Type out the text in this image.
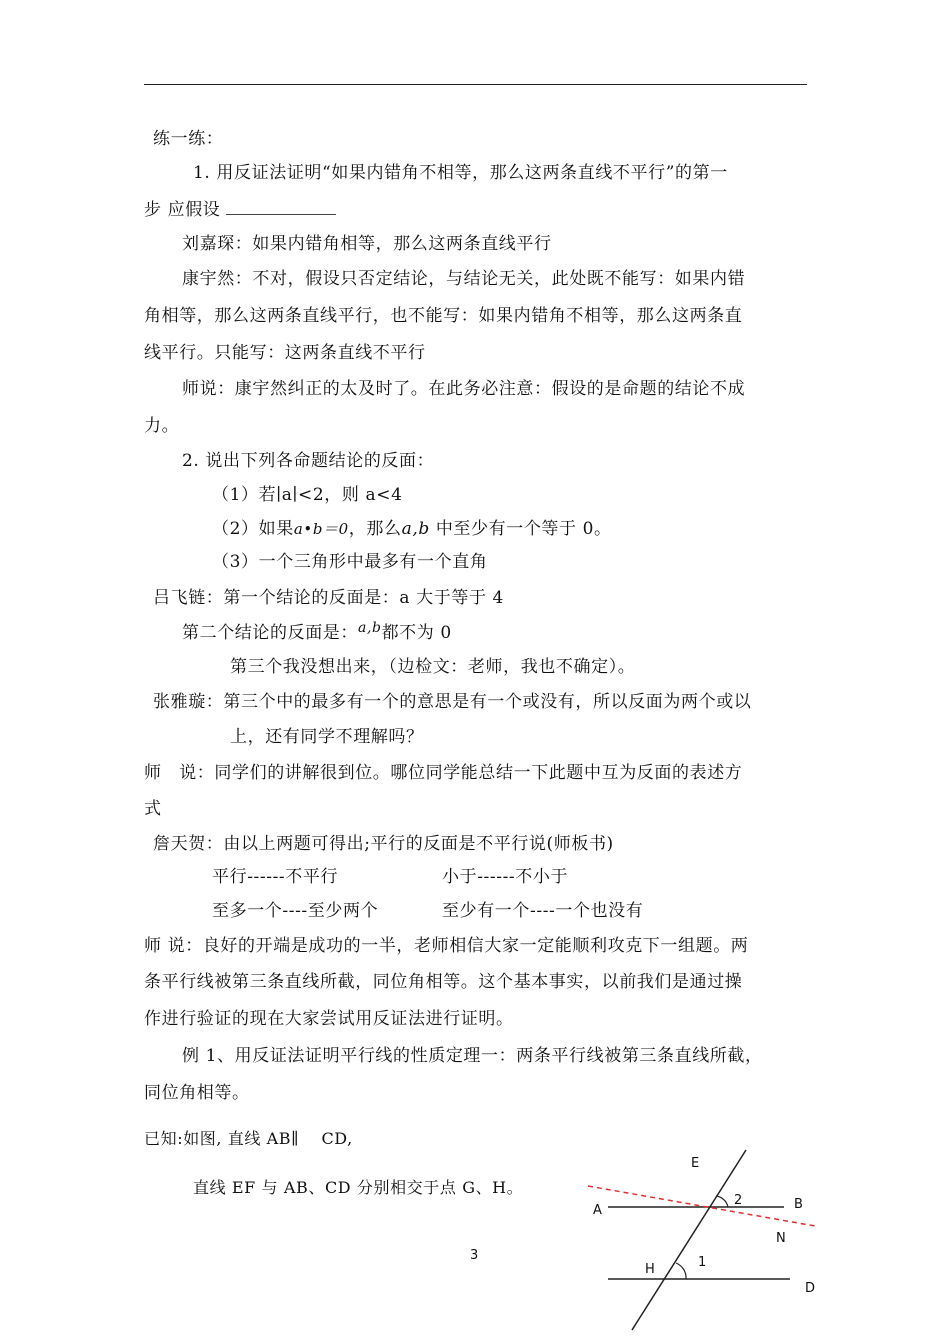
练一练：
1. 用反证法证明“如果内错角不相等，那么这两条直线不平行”的第一
步 应假设
刘嘉琛：如果内错角相等，那么这两条直线平行
康宇然：不对，假设只否定结论，与结论无关，此处既不能写：如果内错
角相等，那么这两条直线平行，也不能写：如果内错角不相等，那么这两条直
线平行。只能写：这两条直线不平行
师说：康宇然纠正的太及时了。在此务必注意：假设的是命题的结论不成
力。
2. 说出下列各命题结论的反面：
（1）若∣a∣<2，则 a<4
（2）如果a•b＝0，那么a,b 中至少有一个等于 0。
（3）一个三角形中最多有一个直角
吕飞链：第一个结论的反面是：a 大于等于 4
第二个结论的反面是：$^{a,b}$都不为 0
第三个我没想出来，（边检文：老师，我也不确定）。
张雅璇：第三个中的最多有一个的意思是有一个或没有，所以反面为两个或以
上，还有同学不理解吗？
师　说：同学们的讲解很到位。哪位同学能总结一下此题中互为反面的表述方
式
詹天贺：由以上两题可得出;平行的反面是不平行说(师板书)
平行------不平行	小于------不小于
至多一个----至少两个	至少有一个----一个也没有
师 说：良好的开端是成功的一半，老师相信大家一定能顺利攻克下一组题。两
条平行线被第三条直线所截，同位角相等。这个基本事实，以前我们是通过操
作进行验证的现在大家尝试用反证法进行证明。
例 1、用反证法证明平行线的性质定理一：两条平行线被第三条直线所截，
同位角相等。
已知:如图, 直线 AB∥　 CD,
直线 EF 与 AB、CD 分别相交于点 G、H。
E
A	B
2
N
H	1
D
3
